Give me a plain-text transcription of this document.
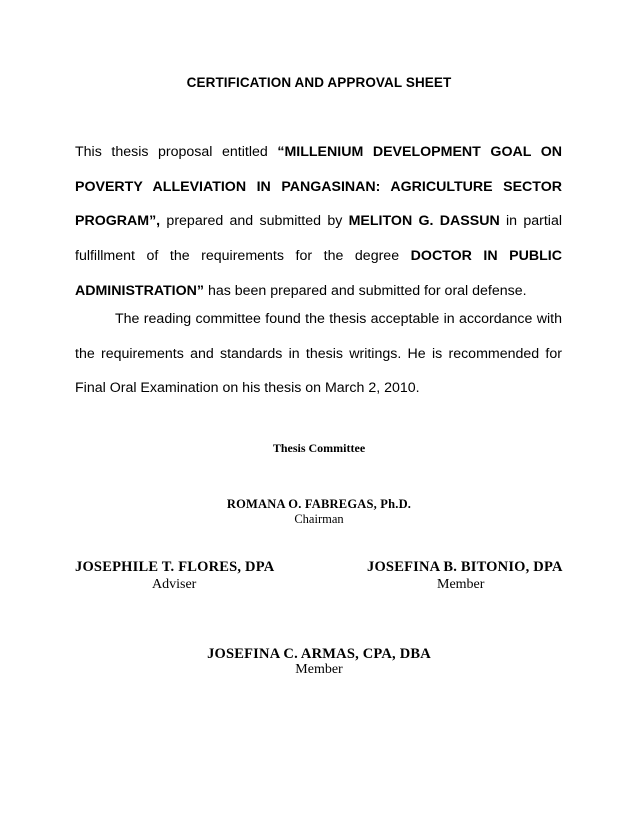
CERTIFICATION AND APPROVAL SHEET
This thesis proposal entitled “MILLENIUM DEVELOPMENT GOAL ON POVERTY ALLEVIATION IN PANGASINAN: AGRICULTURE SECTOR PROGRAM”, prepared and submitted by MELITON G. DASSUN in partial fulfillment of the requirements for the degree DOCTOR IN PUBLIC ADMINISTRATION” has been prepared and submitted for oral defense.
The reading committee found the thesis acceptable in accordance with the requirements and standards in thesis writings. He is recommended for Final Oral Examination on his thesis on March 2, 2010.
Thesis Committee
ROMANA O. FABREGAS, Ph.D.
Chairman
JOSEPHILE T. FLORES, DPA
Adviser
JOSEFINA B. BITONIO, DPA
Member
JOSEFINA C. ARMAS, CPA, DBA
Member
